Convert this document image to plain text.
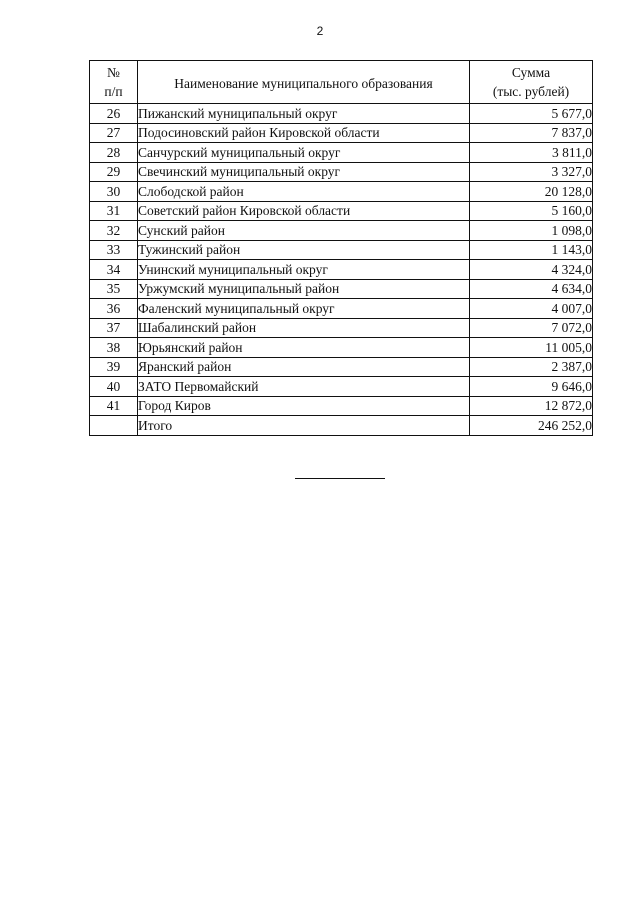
2
№
п/п	Наименование муниципального образования	Сумма
(тыс. рублей)
26	Пижанский муниципальный округ	5 677,0
27	Подосиновский район Кировской области	7 837,0
28	Санчурский муниципальный округ	3 811,0
29	Свечинский муниципальный округ	3 327,0
30	Слободской район	20 128,0
31	Советский район Кировской области	5 160,0
32	Сунский район	1 098,0
33	Тужинский район	1 143,0
34	Унинский муниципальный округ	4 324,0
35	Уржумский муниципальный район	4 634,0
36	Фаленский муниципальный округ	4 007,0
37	Шабалинский район	7 072,0
38	Юрьянский район	11 005,0
39	Яранский район	2 387,0
40	ЗАТО Первомайский	9 646,0
41	Город Киров	12 872,0
	Итого	246 252,0
